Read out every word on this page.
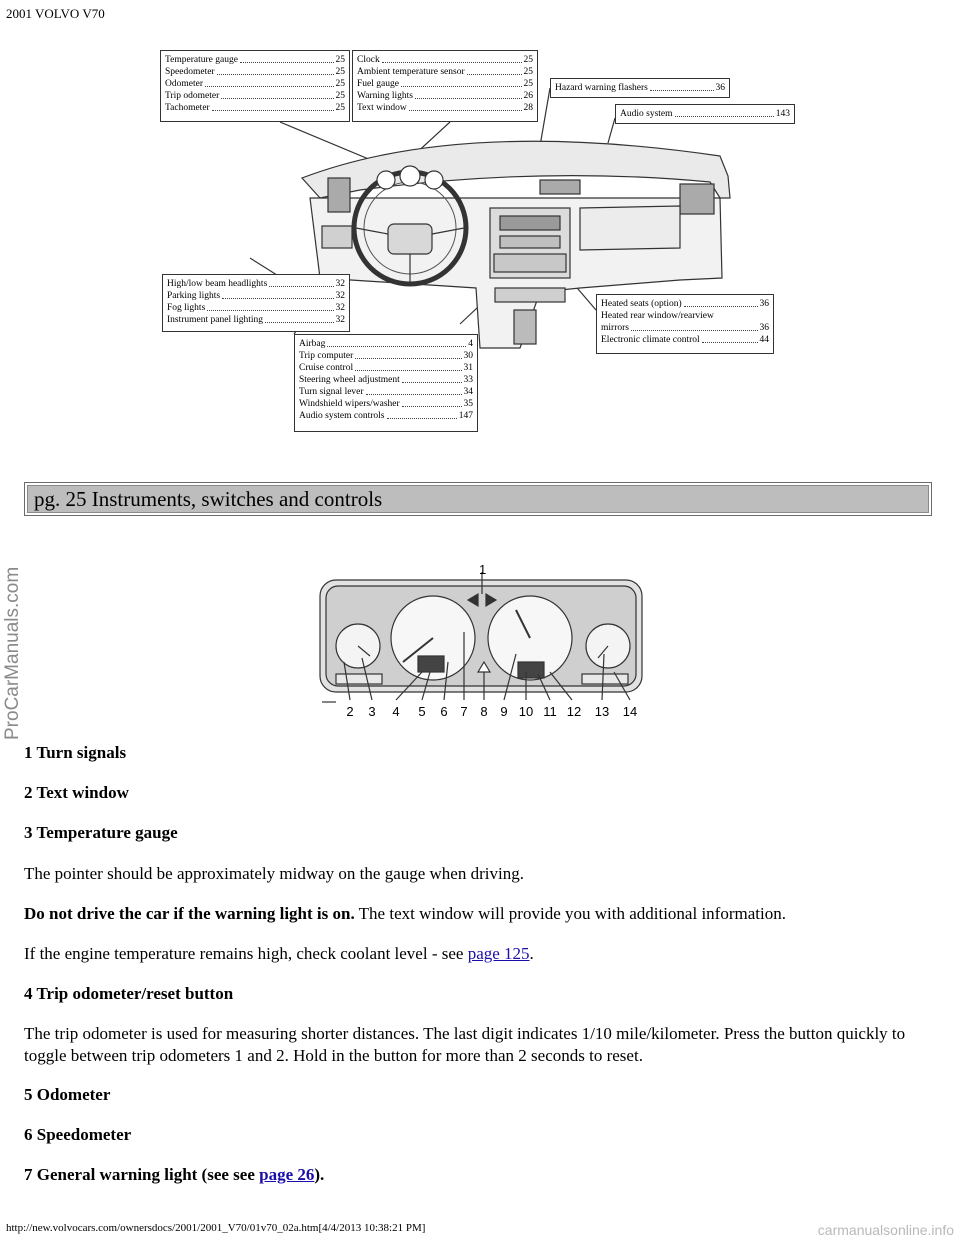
2001 VOLVO V70
ProCarManuals.com
Temperature gauge	25
Speedometer	25
Odometer	25
Trip odometer	25
Tachometer	25
Clock	25
Ambient temperature sensor	25
Fuel gauge	25
Warning lights	26
Text window	28
Hazard warning flashers	36
Audio system	143
High/low beam headlights	32
Parking lights	32
Fog lights	32
Instrument panel lighting	32
Airbag	4
Trip computer	30
Cruise control	31
Steering wheel adjustment	33
Turn signal lever	34
Windshield wipers/washer	35
Audio system controls	147
Heated seats (option)	36
Heated rear window/rearview
mirrors	36
Electronic climate control	44
pg. 25 Instruments, switches and controls
1
2 3 4 5 6 7 8 9 10 11 12 13 14

1 Turn signals

2 Text window

3 Temperature gauge

The pointer should be approximately midway on the gauge when driving.

Do not drive the car if the warning light is on. The text window will provide you with additional information.

If the engine temperature remains high, check coolant level - see page 125.

4 Trip odometer/reset button

The trip odometer is used for measuring shorter distances. The last digit indicates 1/10 mile/kilometer. Press the button quickly to toggle between trip odometers 1 and 2. Hold in the button for more than 2 seconds to reset.

5 Odometer

6 Speedometer

7 General warning light (see see page 26).

http://new.volvocars.com/ownersdocs/2001/2001_V70/01v70_02a.htm[4/4/2013 10:38:21 PM]	carmanualsonline.info
